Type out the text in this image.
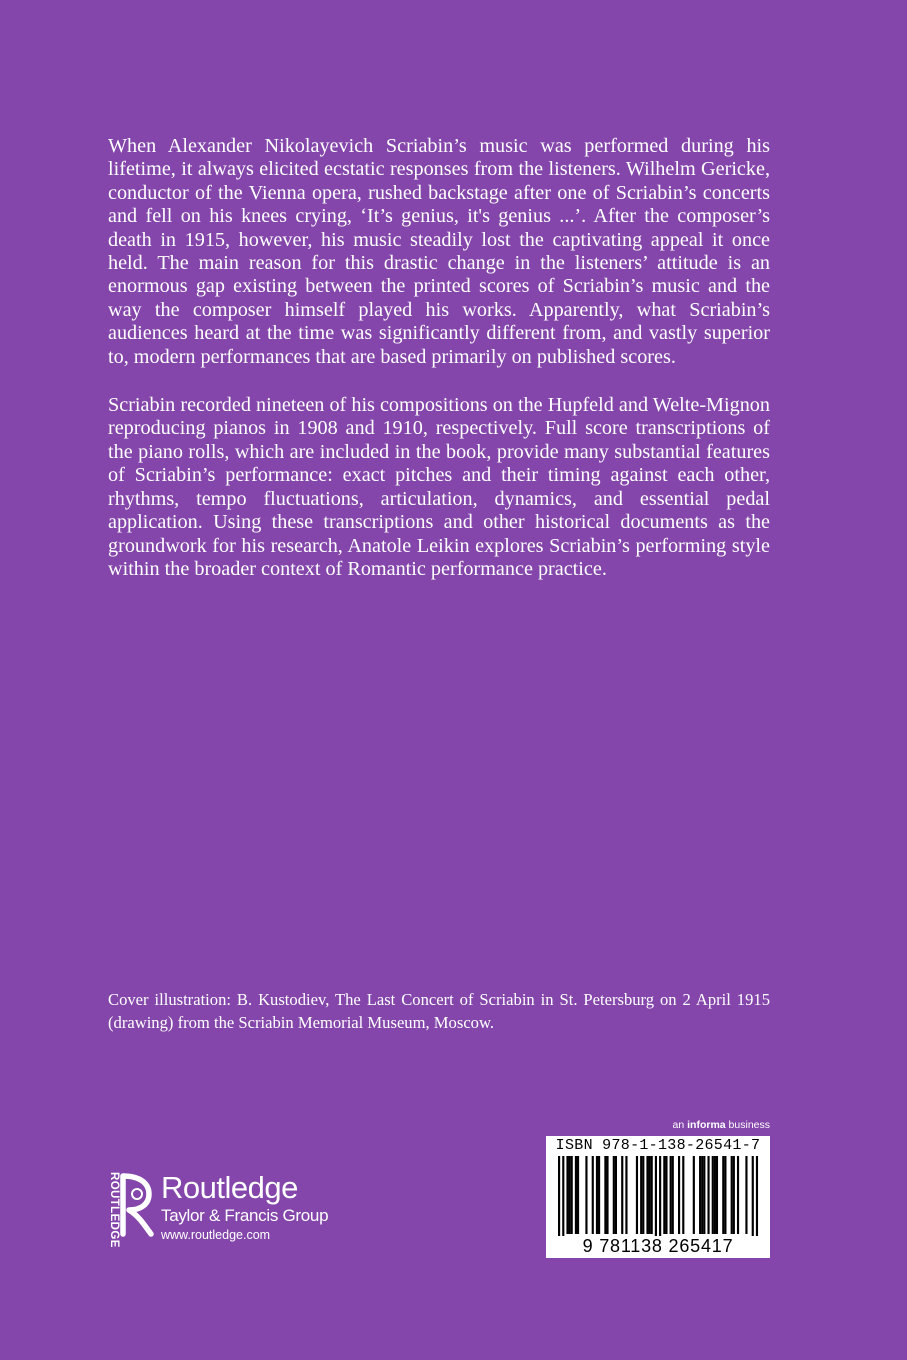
When Alexander Nikolayevich Scriabin’s music was performed during his lifetime, it always elicited ecstatic responses from the listeners. Wilhelm Gericke, conductor of the Vienna opera, rushed backstage after one of Scriabin’s concerts and fell on his knees crying, ‘It’s genius, it's genius ...’. After the composer’s death in 1915, however, his music steadily lost the captivating appeal it once held. The main reason for this drastic change in the listeners’ attitude is an enormous gap existing between the printed scores of Scriabin’s music and the way the composer himself played his works. Apparently, what Scriabin’s audiences heard at the time was significantly different from, and vastly superior to, modern performances that are based primarily on published scores.

Scriabin recorded nineteen of his compositions on the Hupfeld and Welte-Mignon reproducing pianos in 1908 and 1910, respectively. Full score transcriptions of the piano rolls, which are included in the book, provide many substantial features of Scriabin’s performance: exact pitches and their timing against each other, rhythms, tempo fluctuations, articulation, dynamics, and essential pedal application. Using these transcriptions and other historical documents as the groundwork for his research, Anatole Leikin explores Scriabin’s performing style within the broader context of Romantic performance practice.

Cover illustration: B. Kustodiev, The Last Concert of Scriabin in St. Petersburg on 2 April 1915 (drawing) from the Scriabin Memorial Museum, Moscow.

ROUTLEDGE Routledge
Taylor & Francis Group
www.routledge.com
an informa business
ISBN 978-1-138-26541-7
9 781138 265417
